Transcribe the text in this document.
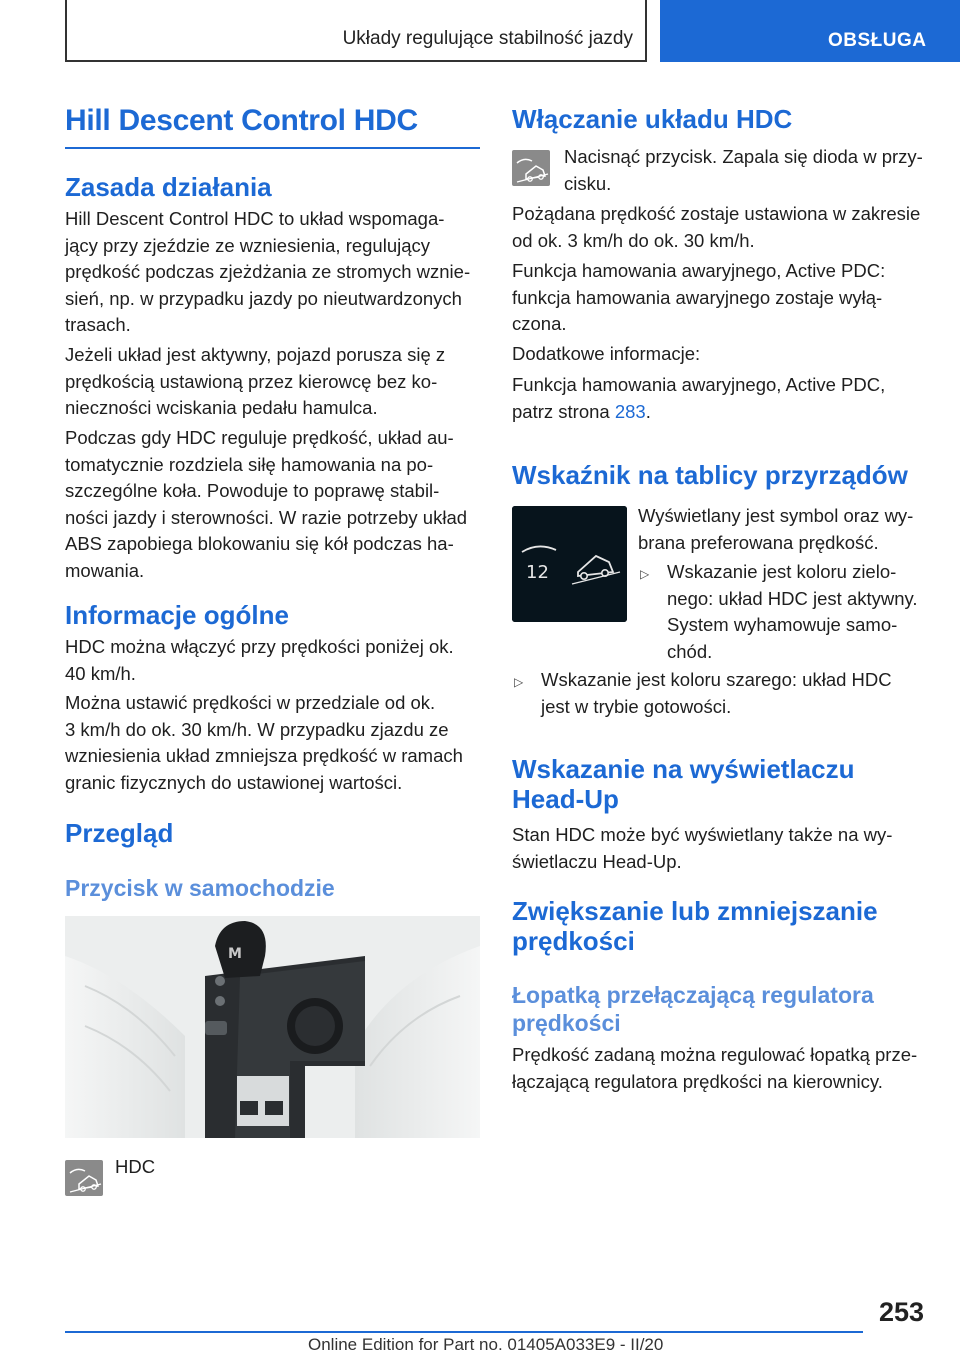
Układy regulujące stabilność jazdy	OBSŁUGA
Hill Descent Control HDC
Zasada działania
Hill Descent Control HDC to układ wspomaga-
jący przy zjeździe ze wzniesienia, regulujący
prędkość podczas zjeżdżania ze stromych wznie-
sień, np. w przypadku jazdy po nieutwardzonych
trasach.
Jeżeli układ jest aktywny, pojazd porusza się z
prędkością ustawioną przez kierowcę bez ko-
nieczności wciskania pedału hamulca.
Podczas gdy HDC reguluje prędkość, układ au-
tomatycznie rozdziela siłę hamowania na po-
szczególne koła. Powoduje to poprawę stabil-
ności jazdy i sterowności. W razie potrzeby układ
ABS zapobiega blokowaniu się kół podczas ha-
mowania.
Informacje ogólne
HDC można włączyć przy prędkości poniżej ok.
40 km/h.
Można ustawić prędkości w przedziale od ok.
3 km/h do ok. 30 km/h. W przypadku zjazdu ze
wzniesienia układ zmniejsza prędkość w ramach
granic fizycznych do ustawionej wartości.
Przegląd
Przycisk w samochodzie
M
HDC
Włączanie układu HDC
Nacisnąć przycisk. Zapala się dioda w przy-
cisku.
Pożądana prędkość zostaje ustawiona w zakresie
od ok. 3 km/h do ok. 30 km/h.
Funkcja hamowania awaryjnego, Active PDC:
funkcja hamowania awaryjnego zostaje wyłą-
czona.
Dodatkowe informacje:
Funkcja hamowania awaryjnego, Active PDC,
patrz strona 283.
Wskaźnik na tablicy przyrządów
Wyświetlany jest symbol oraz wy-
brana preferowana prędkość.
▷ Wskazanie jest koloru zielo-
nego: układ HDC jest aktywny.
System wyhamowuje samo-
chód.
▷ Wskazanie jest koloru szarego: układ HDC
jest w trybie gotowości.
Wskazanie na wyświetlaczu
Head-Up
Stan HDC może być wyświetlany także na wy-
świetlaczu Head-Up.
Zwiększanie lub zmniejszanie
prędkości
Łopatką przełączającą regulatora
prędkości
Prędkość zadaną można regulować łopatką prze-
łączającą regulatora prędkości na kierownicy.
12
253
Online Edition for Part no. 01405A033E9 - II/20
